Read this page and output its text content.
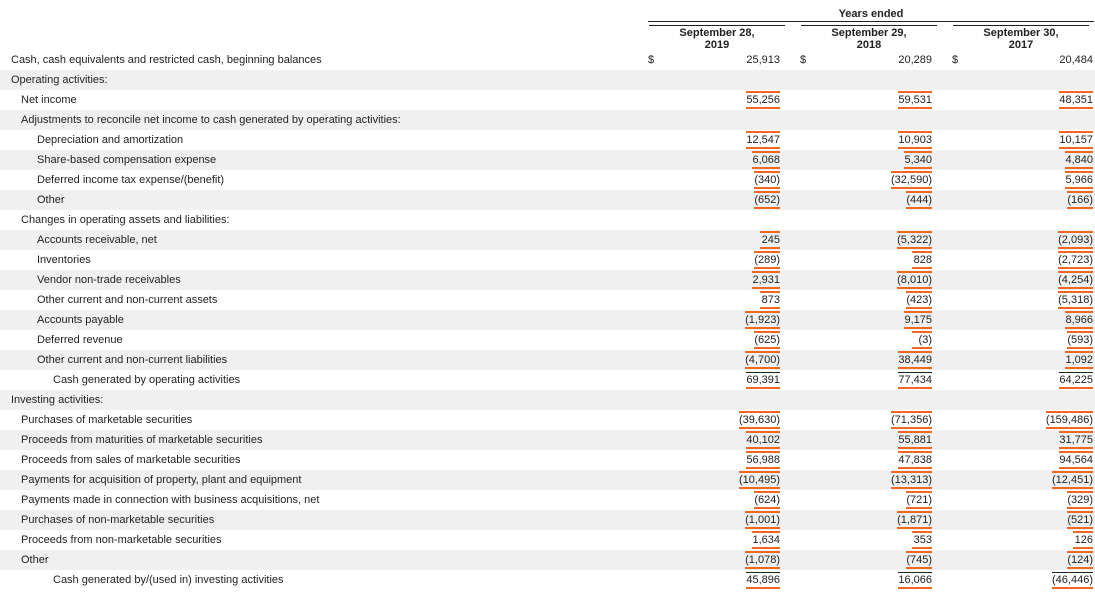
Years ended
September 28,
2019
September 29,
2018
September 30,
2017
Cash, cash equivalents and restricted cash, beginning balances	$	25,913		$	20,289		$	20,484	
Operating activities:									
Net income		55,256			59,531			48,351	
Adjustments to reconcile net income to cash generated by operating activities:									
Depreciation and amortization		12,547			10,903			10,157	
Share-based compensation expense		6,068			5,340			4,840	
Deferred income tax expense/(benefit)		(340)			(32,590)			5,966	
Other		(652)			(444)			(166)	
Changes in operating assets and liabilities:									
Accounts receivable, net		245			(5,322)			(2,093)	
Inventories		(289)			828			(2,723)	
Vendor non-trade receivables		2,931			(8,010)			(4,254)	
Other current and non-current assets		873			(423)			(5,318)	
Accounts payable		(1,923)			9,175			8,966	
Deferred revenue		(625)			(3)			(593)	
Other current and non-current liabilities		(4,700)			38,449			1,092	
Cash generated by operating activities		69,391			77,434			64,225	
Investing activities:									
Purchases of marketable securities		(39,630)			(71,356)			(159,486)	
Proceeds from maturities of marketable securities		40,102			55,881			31,775	
Proceeds from sales of marketable securities		56,988			47,838			94,564	
Payments for acquisition of property, plant and equipment		(10,495)			(13,313)			(12,451)	
Payments made in connection with business acquisitions, net		(624)			(721)			(329)	
Purchases of non-marketable securities		(1,001)			(1,871)			(521)	
Proceeds from non-marketable securities		1,634			353			126	
Other		(1,078)			(745)			(124)	
Cash generated by/(used in) investing activities		45,896			16,066			(46,446)	
